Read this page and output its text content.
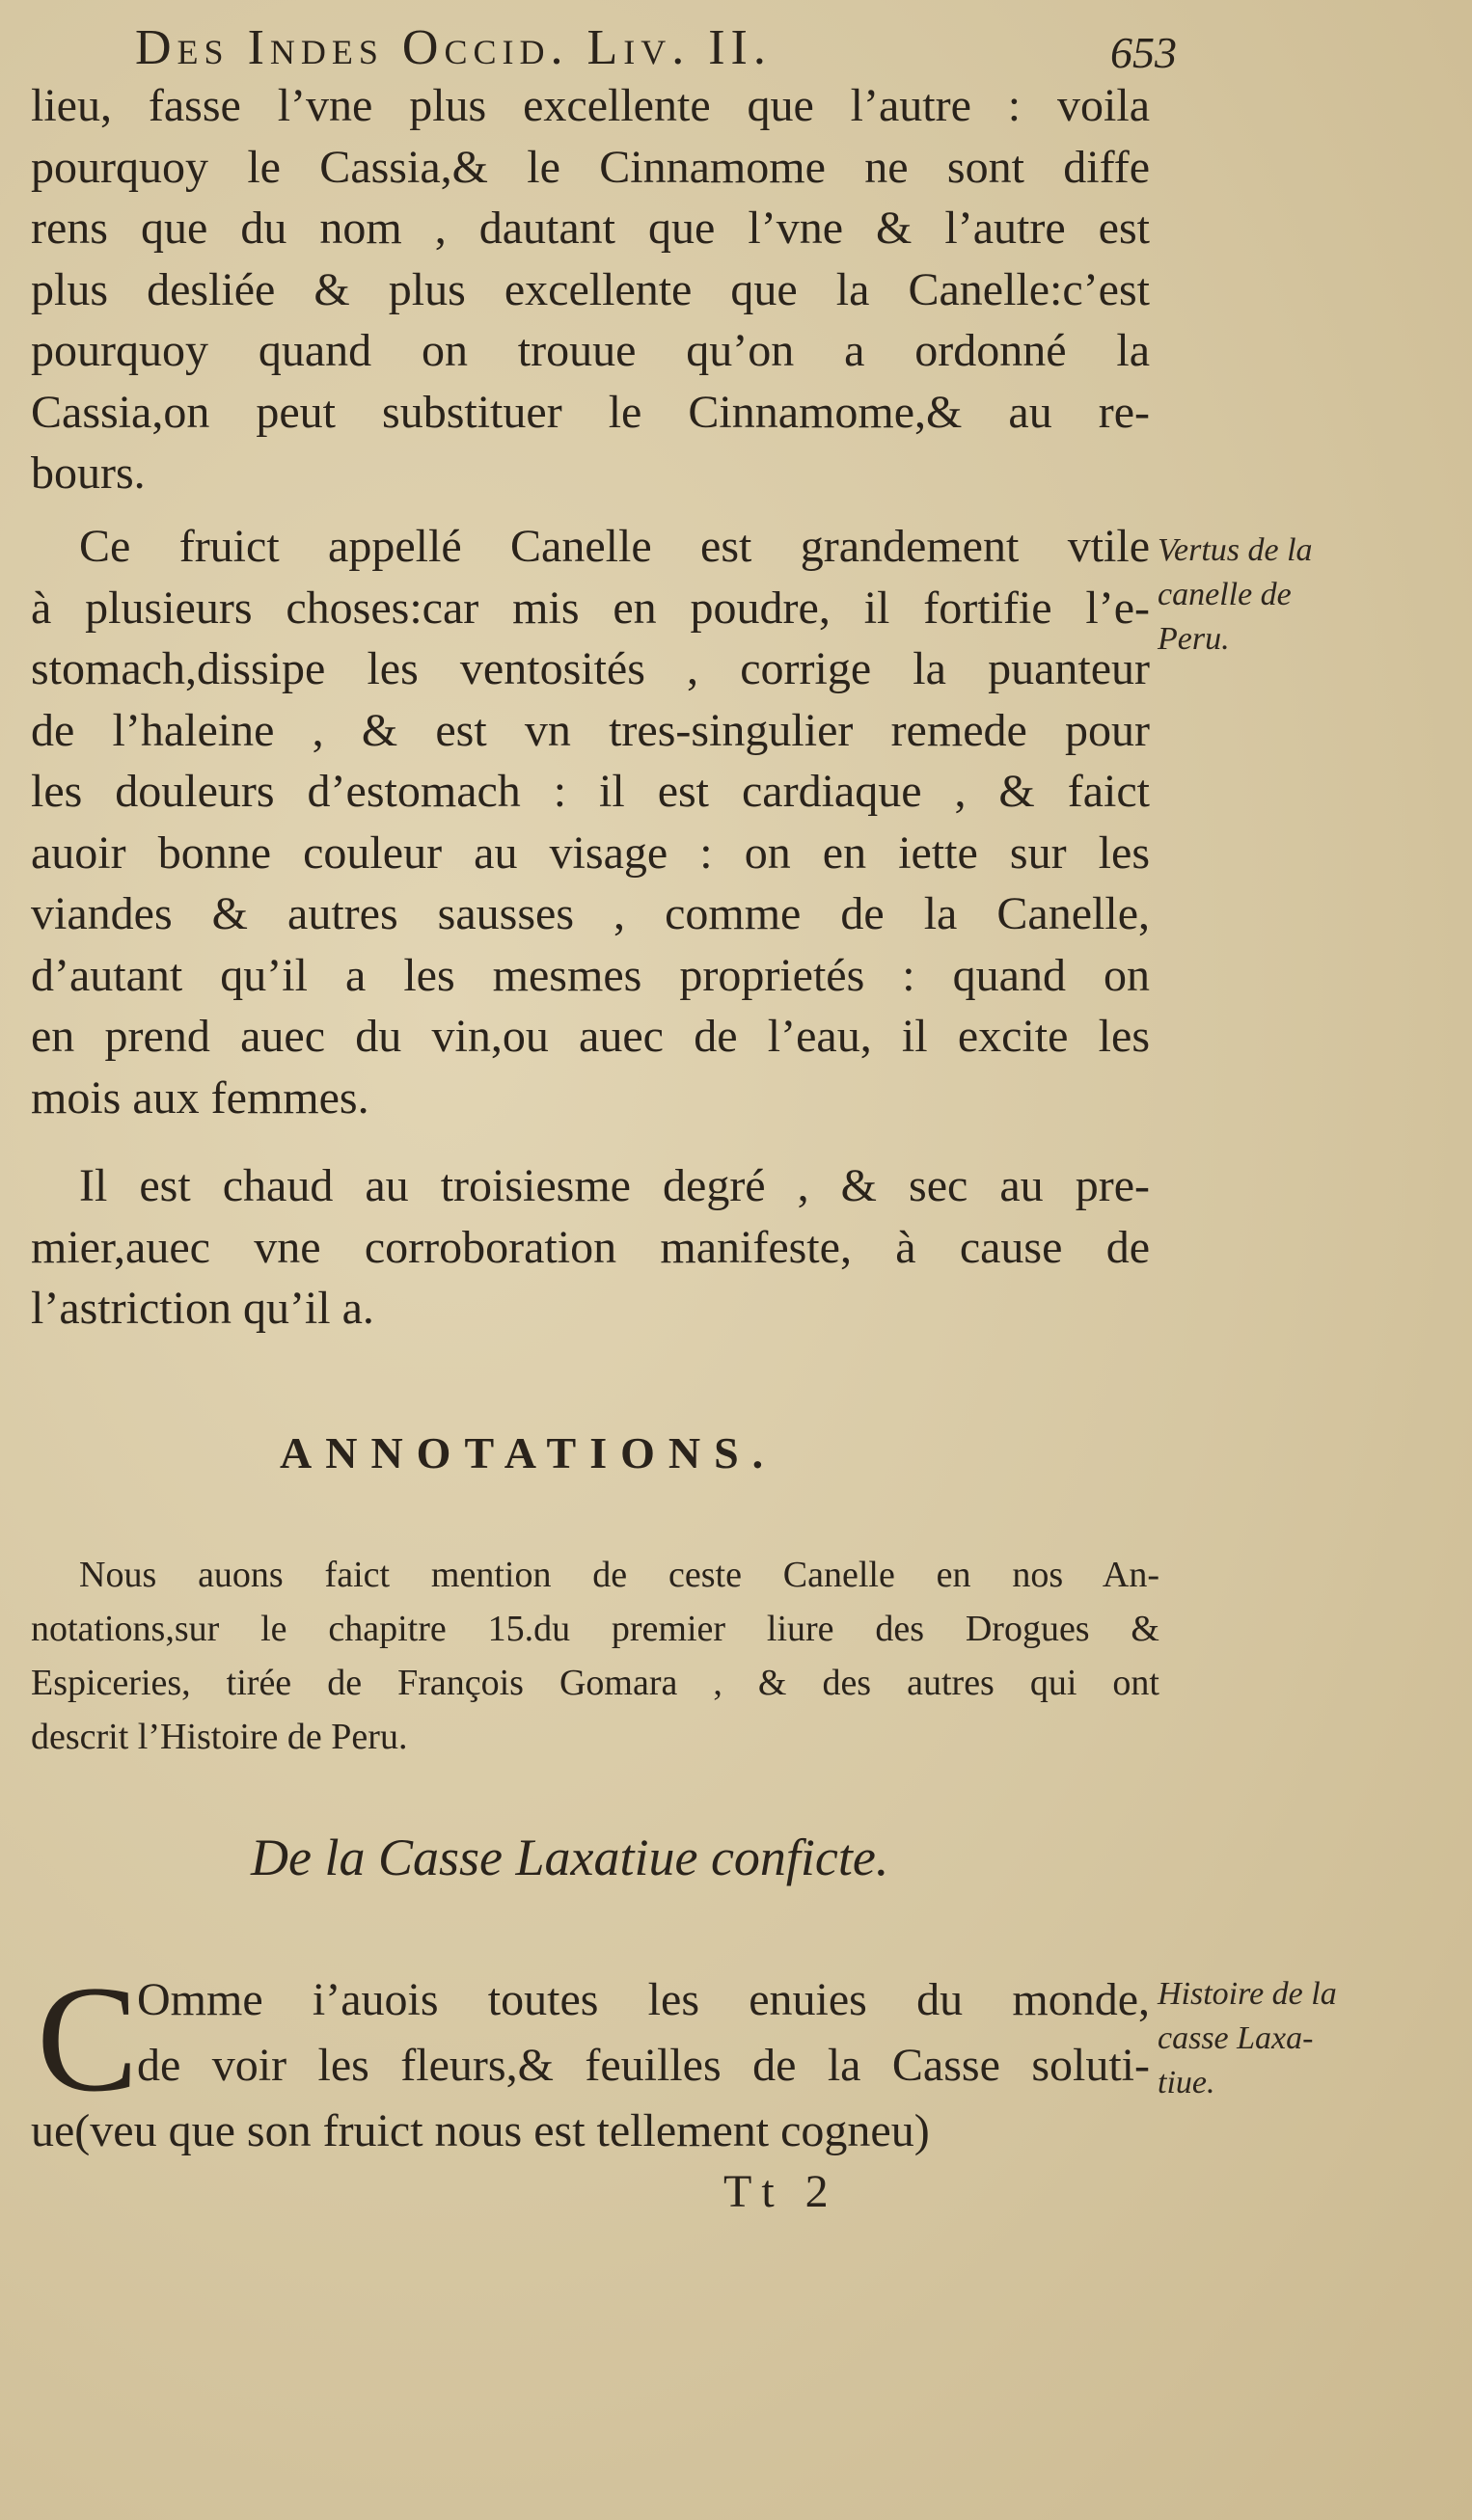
Des Indes Occid. Liv. II.	653
lieu, fasse l’vne plus excellente que l’autre : voila
pourquoy le Cassia,& le Cinnamome ne sont diffe
rens que du nom , dautant que l’vne & l’autre est
plus desliée & plus excellente que la Canelle:c’est
pourquoy quand on trouue qu’on a ordonné la
Cassia,on peut substituer le Cinnamome,& au re-
bours.
Ce fruict appellé Canelle est grandement vtile
à plusieurs choses:car mis en poudre, il fortifie l’e-
stomach,dissipe les ventosités , corrige la puanteur
de l’haleine , & est vn tres-singulier remede pour
les douleurs d’estomach : il est cardiaque , & faict
auoir bonne couleur au visage : on en iette sur les
viandes & autres sausses , comme de la Canelle,
d’autant qu’il a les mesmes proprietés : quand on
en prend auec du vin,ou auec de l’eau, il excite les
mois aux femmes.
Il est chaud au troisiesme degré , & sec au pre-
mier,auec vne corroboration manifeste, à cause de
l’astriction qu’il a.
Vertus de la
canelle de
Peru.
ANNOTATIONS.
Nous auons faict mention de ceste Canelle en nos An-
notations,sur le chapitre 15.du premier liure des Drogues &
Espiceries, tirée de François Gomara , & des autres qui ont
descrit l’Histoire de Peru.
De la Casse Laxatiue confiсte.
C
Omme i’auois toutes les enuies du monde,
de voir les fleurs,& feuilles de la Casse soluti-
ue(veu que son fruict nous est tellement cogneu)
Histoire de la
casse Laxa-
tiue.
Tt 2
